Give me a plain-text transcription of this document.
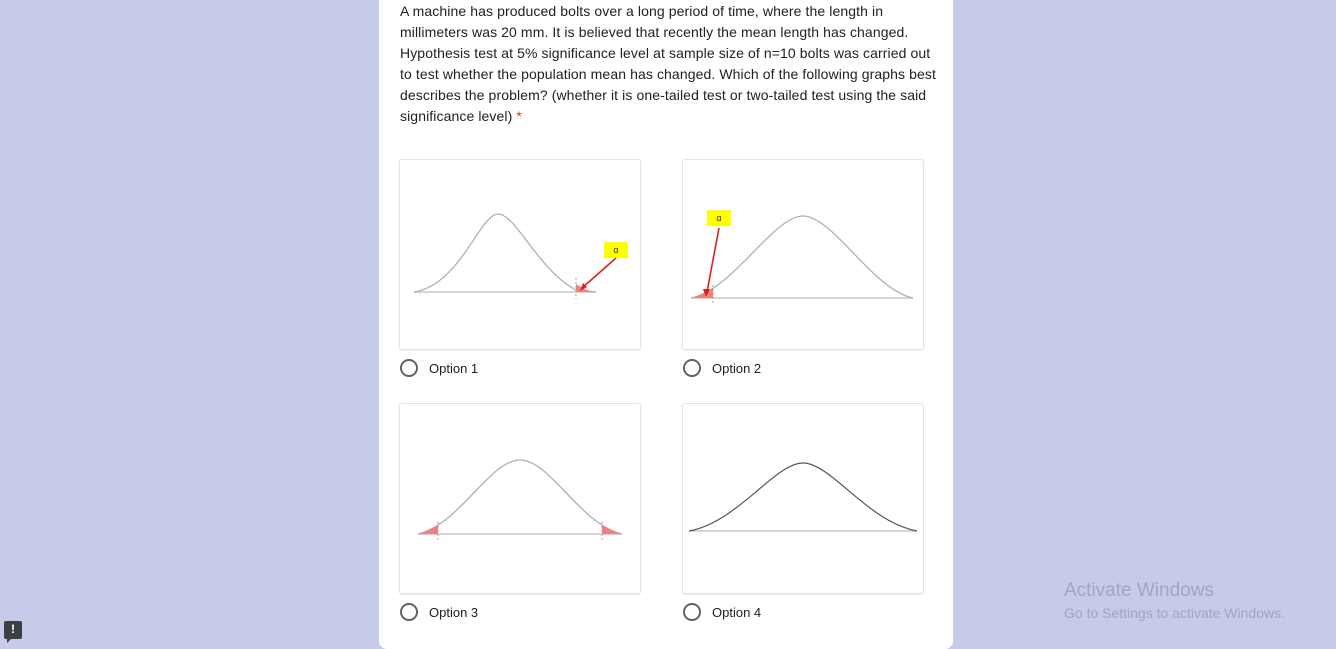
A machine has produced bolts over a long period of time, where the length in millimeters was 20 mm. It is believed that recently the mean length has changed. Hypothesis test at 5% significance level at sample size of n=10 bolts was carried out to test whether the population mean has changed. Which of the following graphs best describes the problem? (whether it is one-tailed test or two-tailed test using the said significance level) *
α
Option 1
α
Option 2
Option 3	Option 4
!
Activate Windows
Go to Settings to activate Windows.
